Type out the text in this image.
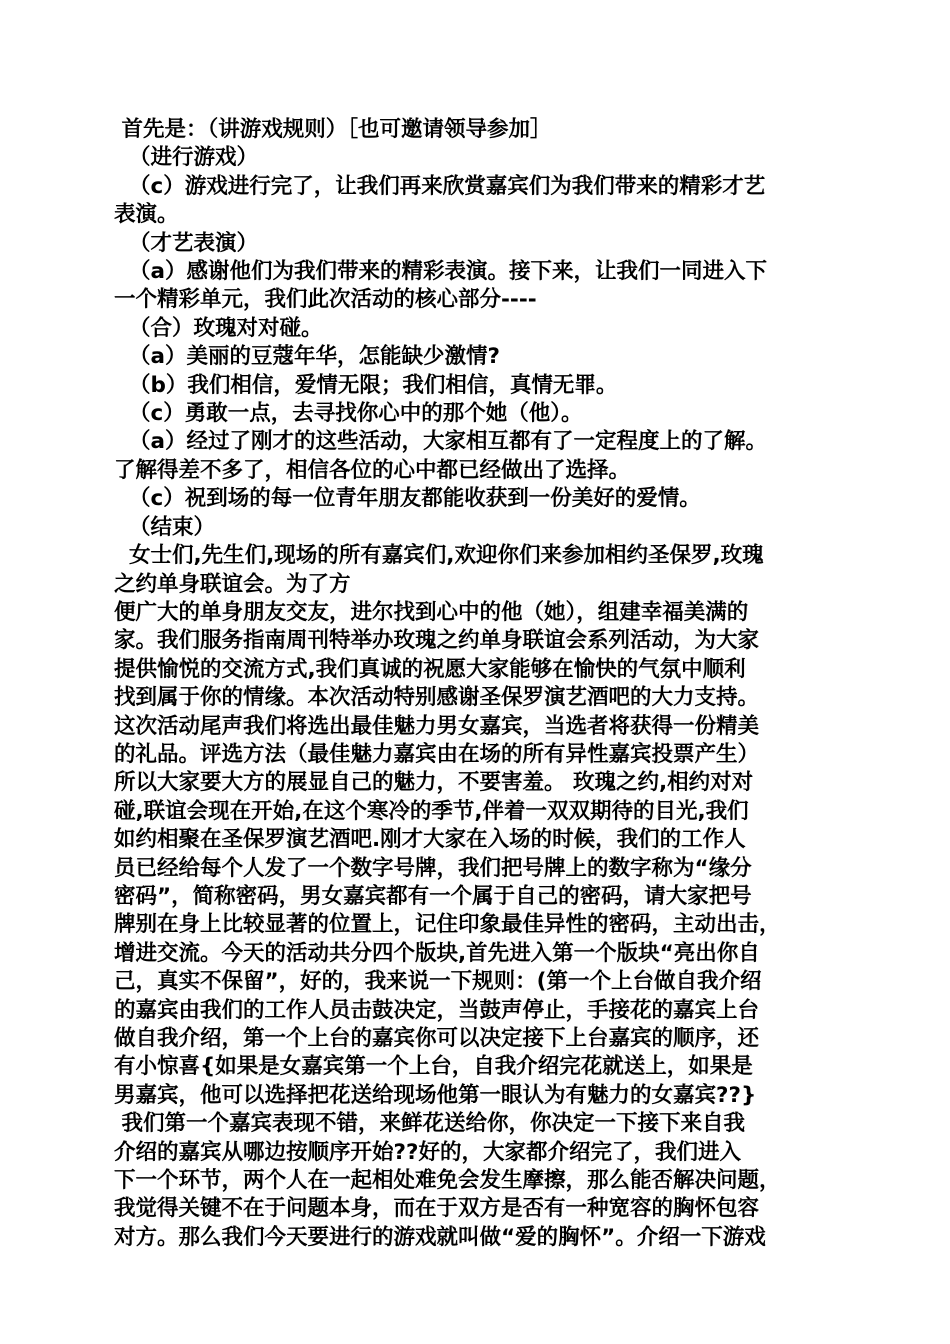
首先是：（讲游戏规则）［也可邀请领导参加］
（进行游戏）
（c）游戏进行完了，让我们再来欣赏嘉宾们为我们带来的精彩才艺
表演。
（才艺表演）
（a）感谢他们为我们带来的精彩表演。接下来，让我们一同进入下
一个精彩单元，我们此次活动的核心部分----
（合）玫瑰对对碰。
（a）美丽的豆蔻年华，怎能缺少激情?
（b）我们相信，爱情无限；我们相信，真情无罪。
（c）勇敢一点，去寻找你心中的那个她（他）。
（a）经过了刚才的这些活动，大家相互都有了一定程度上的了解。
了解得差不多了，相信各位的心中都已经做出了选择。
（c）祝到场的每一位青年朋友都能收获到一份美好的爱情。
（结束）
女士们,先生们,现场的所有嘉宾们,欢迎你们来参加相约圣保罗,玫瑰
之约单身联谊会。为了方
便广大的单身朋友交友，进尔找到心中的他（她），组建幸福美满的
家。我们服务指南周刊特举办玫瑰之约单身联谊会系列活动，为大家
提供愉悦的交流方式,我们真诚的祝愿大家能够在愉快的气氛中顺利
找到属于你的情缘。本次活动特别感谢圣保罗演艺酒吧的大力支持。
这次活动尾声我们将选出最佳魅力男女嘉宾，当选者将获得一份精美
的礼品。评选方法（最佳魅力嘉宾由在场的所有异性嘉宾投票产生）
所以大家要大方的展显自己的魅力，不要害羞。 玫瑰之约,相约对对
碰,联谊会现在开始,在这个寒冷的季节,伴着一双双期待的目光,我们
如约相聚在圣保罗演艺酒吧.刚才大家在入场的时候，我们的工作人
员已经给每个人发了一个数字号牌，我们把号牌上的数字称为“缘分
密码”，简称密码，男女嘉宾都有一个属于自己的密码，请大家把号
牌别在身上比较显著的位置上，记住印象最佳异性的密码，主动出击，
增进交流。今天的活动共分四个版块,首先进入第一个版块“亮出你自
己，真实不保留”，好的，我来说一下规则：(第一个上台做自我介绍
的嘉宾由我们的工作人员击鼓决定，当鼓声停止，手接花的嘉宾上台
做自我介绍，第一个上台的嘉宾你可以决定接下上台嘉宾的顺序，还
有小惊喜{如果是女嘉宾第一个上台，自我介绍完花就送上，如果是
男嘉宾，他可以选择把花送给现场他第一眼认为有魅力的女嘉宾??}
我们第一个嘉宾表现不错，来鲜花送给你，你决定一下接下来自我
介绍的嘉宾从哪边按顺序开始??好的，大家都介绍完了，我们进入
下一个环节，两个人在一起相处难免会发生摩擦，那么能否解决问题，
我觉得关键不在于问题本身，而在于双方是否有一种宽容的胸怀包容
对方。那么我们今天要进行的游戏就叫做“爱的胸怀”。介绍一下游戏
